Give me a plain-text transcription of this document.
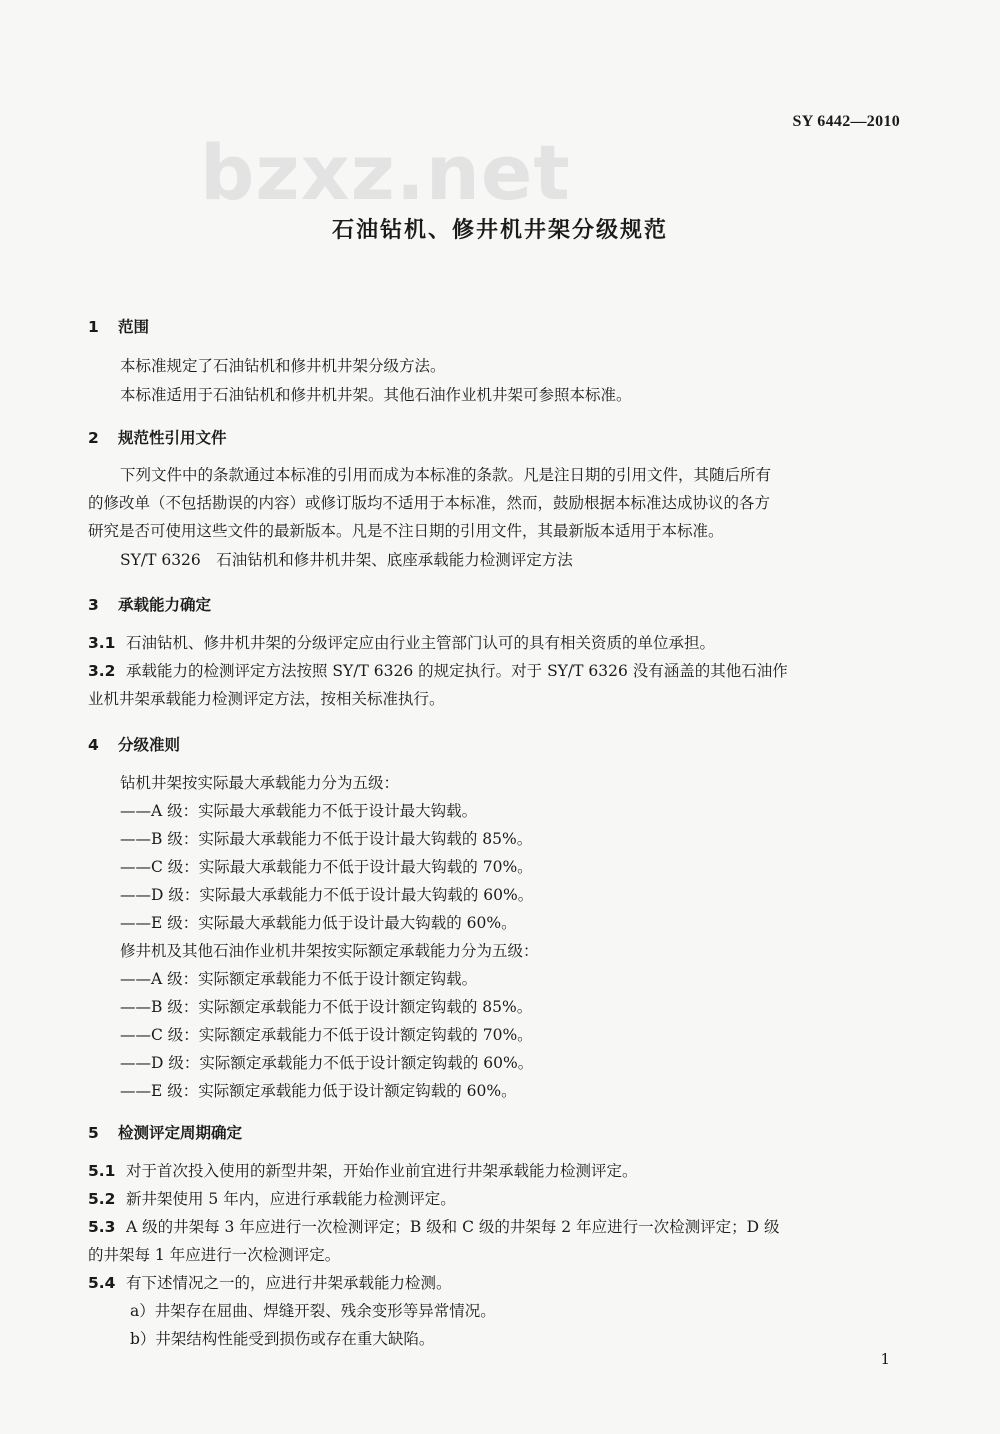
SY 6442—2010
bzxz.net
石油钻机、修井机井架分级规范
1 范围
本标准规定了石油钻机和修井机井架分级方法。
本标准适用于石油钻机和修井机井架。其他石油作业机井架可参照本标准。
2 规范性引用文件
下列文件中的条款通过本标准的引用而成为本标准的条款。凡是注日期的引用文件，其随后所有
的修改单（不包括勘误的内容）或修订版均不适用于本标准，然而，鼓励根据本标准达成协议的各方
研究是否可使用这些文件的最新版本。凡是不注日期的引用文件，其最新版本适用于本标准。
SY/T 6326　石油钻机和修井机井架、底座承载能力检测评定方法
3 承载能力确定
3.1 石油钻机、修井机井架的分级评定应由行业主管部门认可的具有相关资质的单位承担。
3.2 承载能力的检测评定方法按照 SY/T 6326 的规定执行。对于 SY/T 6326 没有涵盖的其他石油作
业机井架承载能力检测评定方法，按相关标准执行。
4 分级准则
钻机井架按实际最大承载能力分为五级：
——A 级：实际最大承载能力不低于设计最大钩载。
——B 级：实际最大承载能力不低于设计最大钩载的 85%。
——C 级：实际最大承载能力不低于设计最大钩载的 70%。
——D 级：实际最大承载能力不低于设计最大钩载的 60%。
——E 级：实际最大承载能力低于设计最大钩载的 60%。
修井机及其他石油作业机井架按实际额定承载能力分为五级：
——A 级：实际额定承载能力不低于设计额定钩载。
——B 级：实际额定承载能力不低于设计额定钩载的 85%。
——C 级：实际额定承载能力不低于设计额定钩载的 70%。
——D 级：实际额定承载能力不低于设计额定钩载的 60%。
——E 级：实际额定承载能力低于设计额定钩载的 60%。
5 检测评定周期确定
5.1 对于首次投入使用的新型井架，开始作业前宜进行井架承载能力检测评定。
5.2 新井架使用 5 年内，应进行承载能力检测评定。
5.3 A 级的井架每 3 年应进行一次检测评定；B 级和 C 级的井架每 2 年应进行一次检测评定；D 级
的井架每 1 年应进行一次检测评定。
5.4 有下述情况之一的，应进行井架承载能力检测。
a）井架存在屈曲、焊缝开裂、残余变形等异常情况。
b）井架结构性能受到损伤或存在重大缺陷。
1
